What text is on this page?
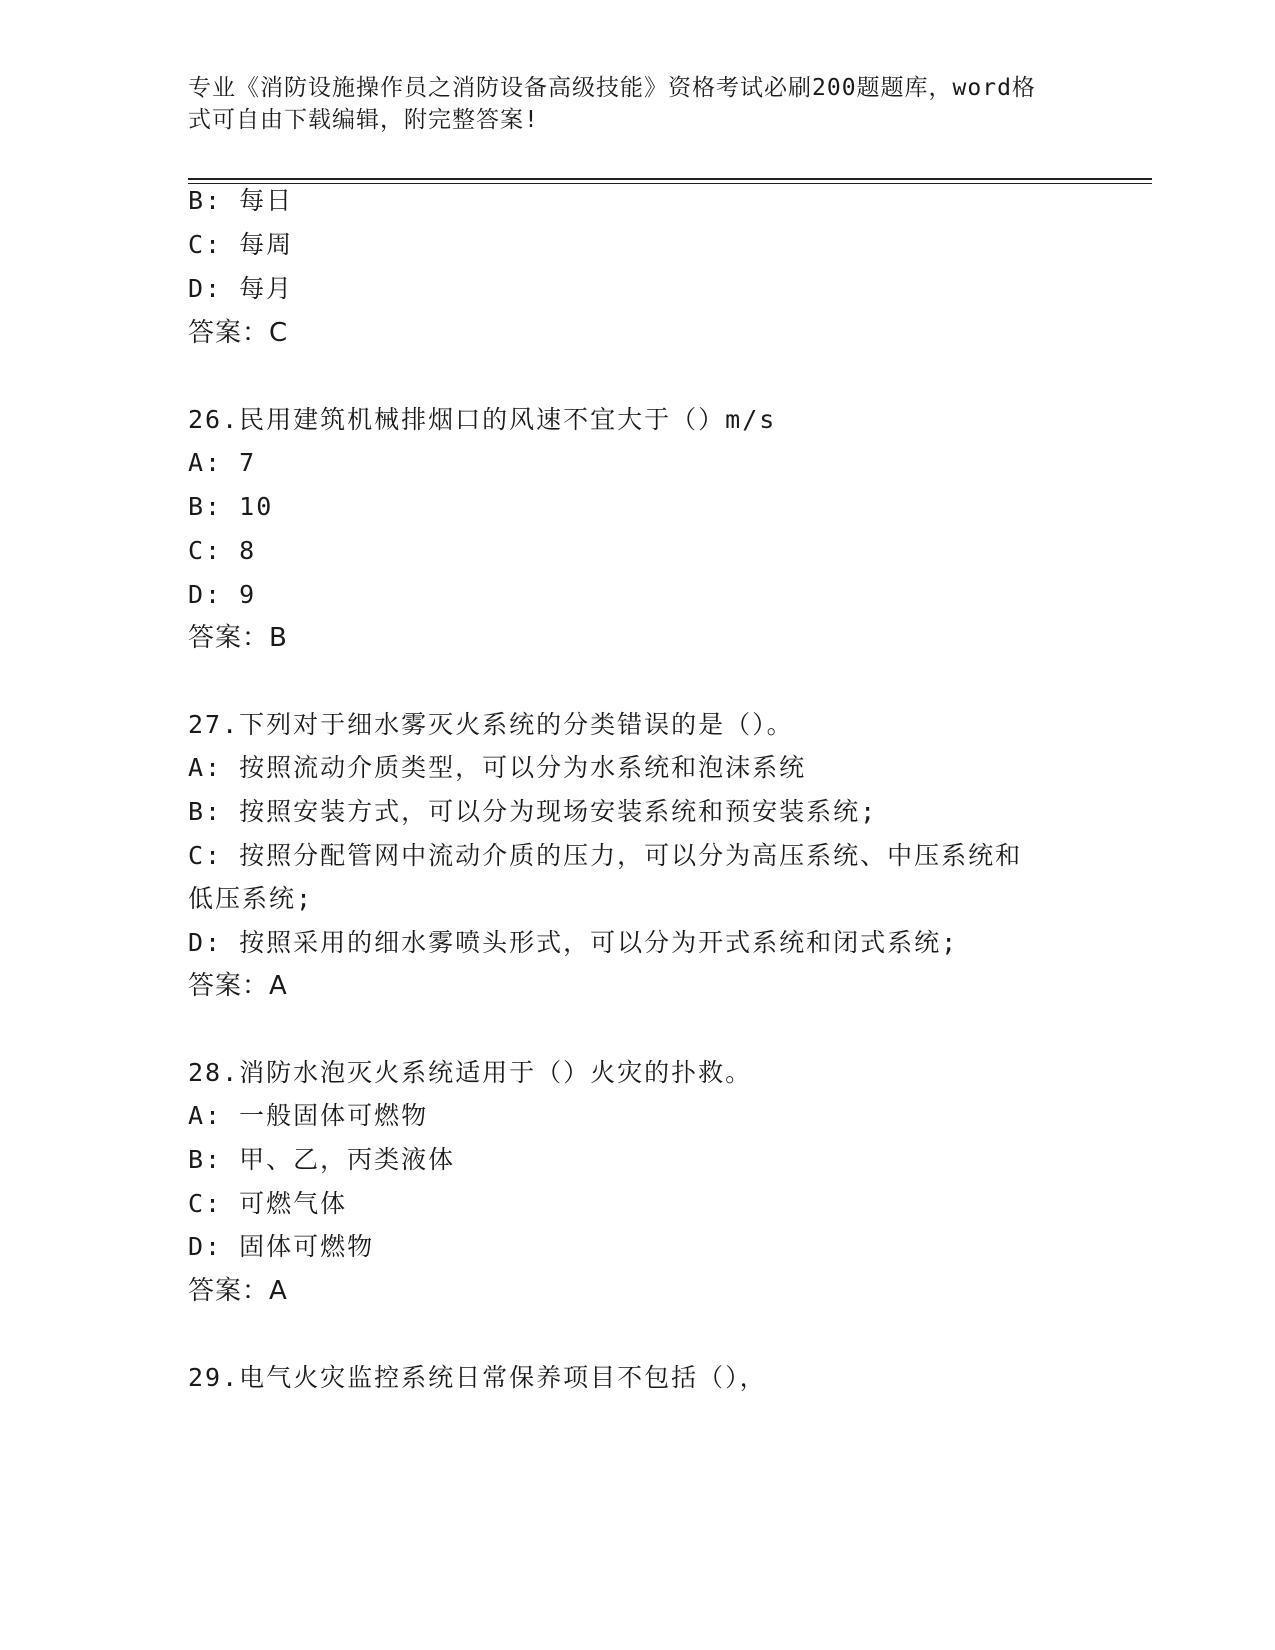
专业《消防设施操作员之消防设备高级技能》资格考试必刷200题题库，word格
式可自由下载编辑，附完整答案!
B: 每日
C: 每周
D: 每月
答案：C
26.民用建筑机械排烟口的风速不宜大于（）m/s
A: 7
B: 10
C: 8
D: 9
答案：B
27.下列对于细水雾灭火系统的分类错误的是（）。
A: 按照流动介质类型，可以分为水系统和泡沫系统
B: 按照安装方式，可以分为现场安装系统和预安装系统;
C: 按照分配管网中流动介质的压力，可以分为高压系统、中压系统和
低压系统;
D: 按照采用的细水雾喷头形式，可以分为开式系统和闭式系统;
答案：A
28.消防水泡灭火系统适用于（）火灾的扑救。
A: 一般固体可燃物
B: 甲、乙，丙类液体
C: 可燃气体
D: 固体可燃物
答案：A
29.电气火灾监控系统日常保养项目不包括（），
